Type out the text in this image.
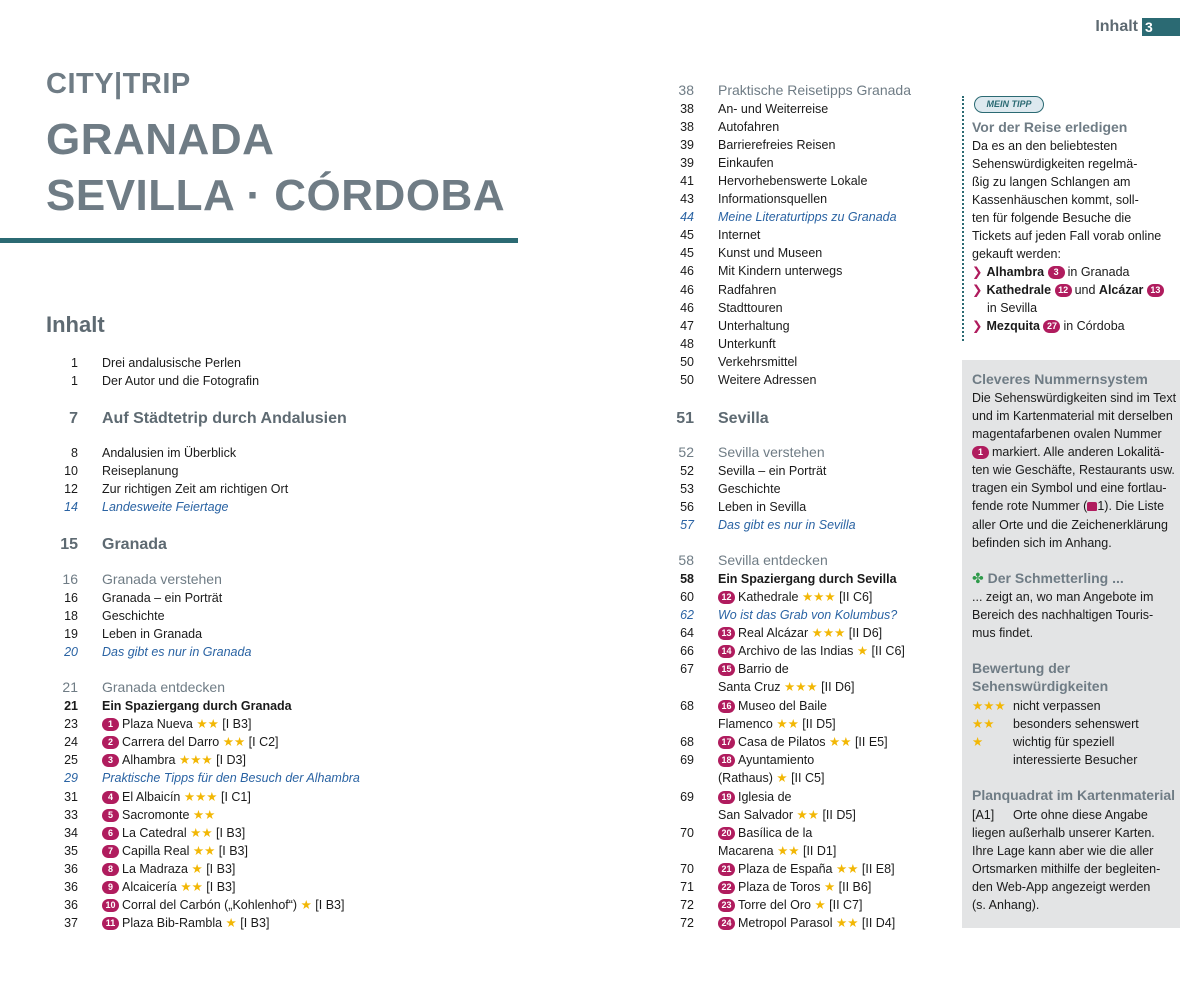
Inhalt 3
CITY|TRIP
GRANADA
SEVILLA · CÓRDOBA
Inhalt
1 Drei andalusische Perlen
1 Der Autor und die Fotografin
7 Auf Städtetrip durch Andalusien
8 Andalusien im Überblick
10 Reiseplanung
12 Zur richtigen Zeit am richtigen Ort
14 Landesweite Feiertage
15 Granada
16 Granada verstehen
16 Granada – ein Porträt
18 Geschichte
19 Leben in Granada
20 Das gibt es nur in Granada
21 Granada entdecken
21 Ein Spaziergang durch Granada
23	1 Plaza Nueva ★★ [I B3]
24	2 Carrera del Darro ★★ [I C2]
25	3 Alhambra ★★★ [I D3]
29 Praktische Tipps für den Besuch der Alhambra
31	4 El Albaicín ★★★ [I C1]
33	5 Sacromonte ★★
34	6 La Catedral ★★ [I B3]
35	7 Capilla Real ★★ [I B3]
36	8 La Madraza ★ [I B3]
36	9 Alcaicería ★★ [I B3]
36	10 Corral del Carbón („Kohlenhof“) ★ [I B3]
37	11 Plaza Bib-Rambla ★ [I B3]
38 Praktische Reisetipps Granada
38 An- und Weiterreise
38 Autofahren
39 Barrierefreies Reisen
39 Einkaufen
41 Hervorhebenswerte Lokale
43 Informationsquellen
44 Meine Literaturtipps zu Granada
45 Internet
45 Kunst und Museen
46 Mit Kindern unterwegs
46 Radfahren
46 Stadttouren
47 Unterhaltung
48 Unterkunft
50 Verkehrsmittel
50 Weitere Adressen
51 Sevilla
52 Sevilla verstehen
52 Sevilla – ein Porträt
53 Geschichte
56 Leben in Sevilla
57 Das gibt es nur in Sevilla
58 Sevilla entdecken
58 Ein Spaziergang durch Sevilla
60	12 Kathedrale ★★★ [II C6]
62 Wo ist das Grab von Kolumbus?
64	13 Real Alcázar ★★★ [II D6]
66	14 Archivo de las Indias ★ [II C6]
67	15 Barrio de
Santa Cruz ★★★ [II D6]
68	16 Museo del Baile
Flamenco ★★ [II D5]
68	17 Casa de Pilatos ★★ [II E5]
69	18 Ayuntamiento
(Rathaus) ★ [II C5]
69	19 Iglesia de
San Salvador ★★ [II D5]
70	20 Basílica de la
Macarena ★★ [II D1]
70	21 Plaza de España ★★ [II E8]
71	22 Plaza de Toros ★ [II B6]
72	23 Torre del Oro ★ [II C7]
72	24 Metropol Parasol ★★ [II D4]
MEIN TIPP
Vor der Reise erledigen
Da es an den beliebtesten
Sehenswürdigkeiten regelmä-
ßig zu langen Schlangen am
Kassenhäuschen kommt, soll-
ten für folgende Besuche die
Tickets auf jeden Fall vorab online
gekauft werden:
❯ Alhambra 3 in Granada
❯ Kathedrale 12 und Alcázar 13
in Sevilla
❯ Mezquita 27 in Córdoba
Cleveres Nummernsystem
Die Sehenswürdigkeiten sind im Text
und im Kartenmaterial mit derselben
magentafarbenen ovalen Nummer
1 markiert. Alle anderen Lokalitä-
ten wie Geschäfte, Restaurants usw.
tragen ein Symbol und eine fortlau-
fende rote Nummer ( 1). Die Liste
aller Orte und die Zeichenerklärung
befinden sich im Anhang.
✤ Der Schmetterling ...
... zeigt an, wo man Angebote im
Bereich des nachhaltigen Touris-
mus findet.
Bewertung der
Sehenswürdigkeiten
★★★ nicht verpassen
★★ besonders sehenswert
★ wichtig für speziell
interessierte Besucher
Planquadrat im Kartenmaterial
[A1] Orte ohne diese Angabe
liegen außerhalb unserer Karten.
Ihre Lage kann aber wie die aller
Ortsmarken mithilfe der begleiten-
den Web-App angezeigt werden
(s. Anhang).
